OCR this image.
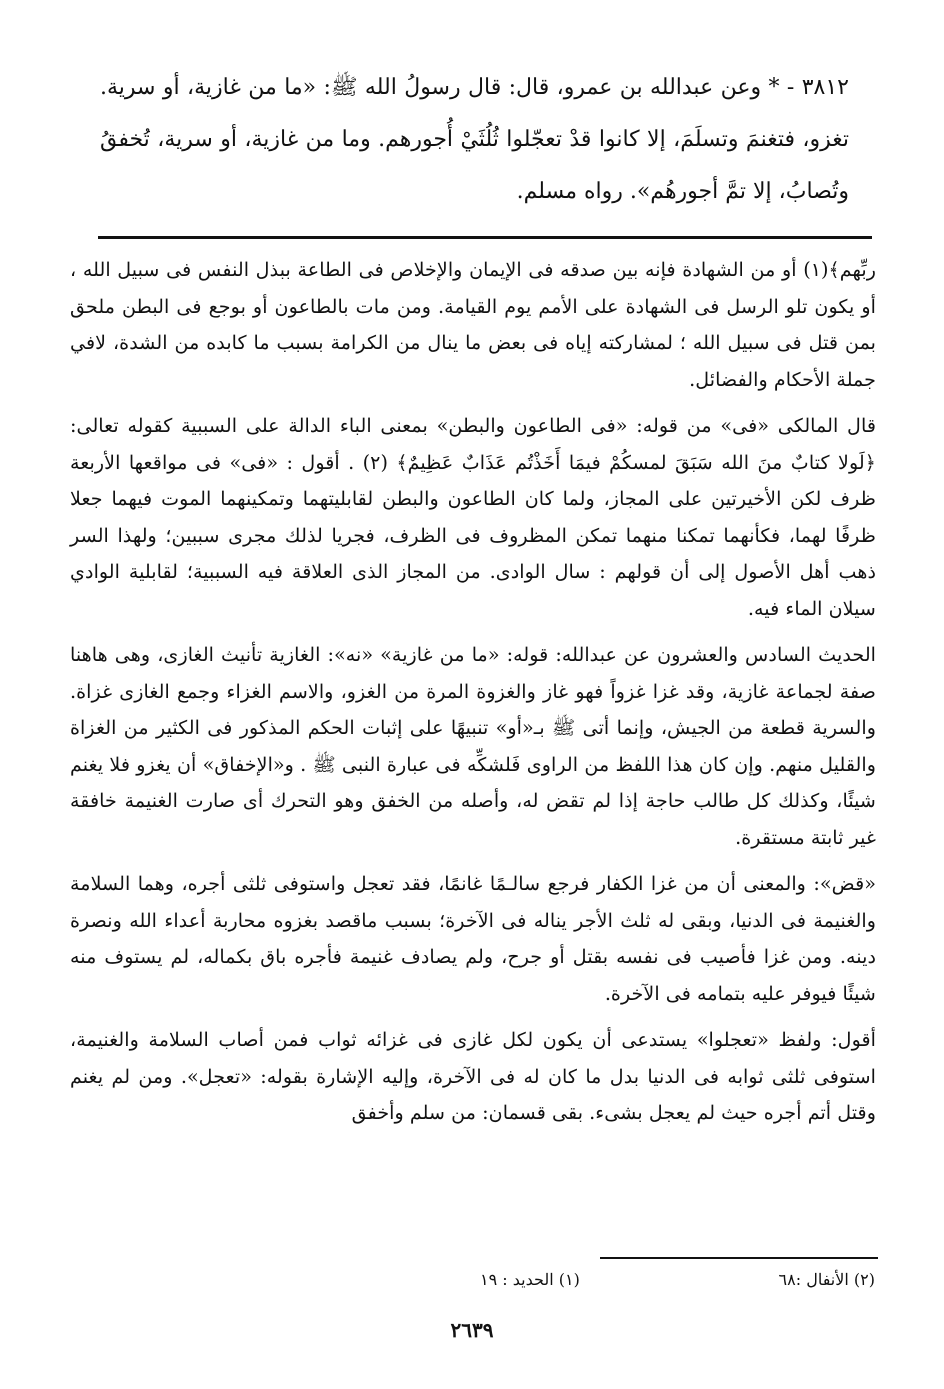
٣٨١٢ - * وعن عبدالله بن عمرو، قال: قال رسولُ الله ﷺ: «ما من غازية، أو سرية. تغزو، فتغنمَ وتسلَمَ، إلا كانوا قدْ تعجّلوا ثُلُثَيْ أُجورهم. وما من غازية، أو سرية، تُخفقُ وتُصابُ، إلا تمَّ أجورهُم». رواه مسلم.

ربِّهم﴾(١) أو من الشهادة فإنه بين صدقه فى الإيمان والإخلاص فى الطاعة ببذل النفس فى سبيل الله ، أو يكون تلو الرسل فى الشهادة على الأمم يوم القيامة. ومن مات بالطاعون أو بوجع فى البطن ملحق بمن قتل فى سبيل الله ؛ لمشاركته إياه فى بعض ما ينال من الكرامة بسبب ما كابده من الشدة، لافي جملة الأحكام والفضائل.

قال المالكى «فى» من قوله: «فى الطاعون والبطن» بمعنى الباء الدالة على السببية كقوله تعالى: ﴿لَولا كتابٌ منَ الله سَبَقَ لمسكُمْ فيمَا أَخَذْتُم عَذَابٌ عَظِيمٌ﴾ (٢) . أقول : «فى» فى مواقعها الأربعة ظرف لكن الأخيرتين على المجاز، ولما كان الطاعون والبطن لقابليتهما وتمكينهما الموت فيهما جعلا ظرفًا لهما، فكأنهما تمكنا منهما تمكن المظروف فى الظرف، فجريا لذلك مجرى سببين؛ ولهذا السر ذهب أهل الأصول إلى أن قولهم : سال الوادى. من المجاز الذى العلاقة فيه السببية؛ لقابلية الوادي سيلان الماء فيه.

الحديث السادس والعشرون عن عبدالله: قوله: «ما من غازية» «نه»: الغازية تأنيث الغازى، وهى هاهنا صفة لجماعة غازية، وقد غزا غزواً فهو غاز والغزوة المرة من الغزو، والاسم الغزاء وجمع الغازى غزاة. والسرية قطعة من الجيش، وإنما أتى ﷺ بـ«أو» تنبيهًا على إثبات الحكم المذكور فى الكثير من الغزاة والقليل منهم. وإن كان هذا اللفظ من الراوى فَلشكِّه فى عبارة النبى ﷺ . و«الإخفاق» أن يغزو فلا يغنم شيئًا، وكذلك كل طالب حاجة إذا لم تقض له، وأصله من الخفق وهو التحرك أى صارت الغنيمة خافقة غير ثابتة مستقرة.

«قض»: والمعنى أن من غزا الكفار فرجع سالـمًا غانمًا، فقد تعجل واستوفى ثلثى أجره، وهما السلامة والغنيمة فى الدنيا، وبقى له ثلث الأجر يناله فى الآخرة؛ بسبب ماقصد بغزوه محاربة أعداء الله ونصرة دينه. ومن غزا فأصيب فى نفسه بقتل أو جرح، ولم يصادف غنيمة فأجره باق بكماله، لم يستوف منه شيئًا فيوفر عليه بتمامه فى الآخرة.

أقول: ولفظ «تعجلوا» يستدعى أن يكون لكل غازى فى غزائه ثواب فمن أصاب السلامة والغنيمة، استوفى ثلثى ثوابه فى الدنيا بدل ما كان له فى الآخرة، وإليه الإشارة بقوله: «تعجل». ومن لم يغنم وقتل أتم أجره حيث لم يعجل بشىء. بقى قسمان: من سلم وأخفق

(١) الحديد : ١٩	(٢) الأنفال :٦٨
٢٦٣٩
